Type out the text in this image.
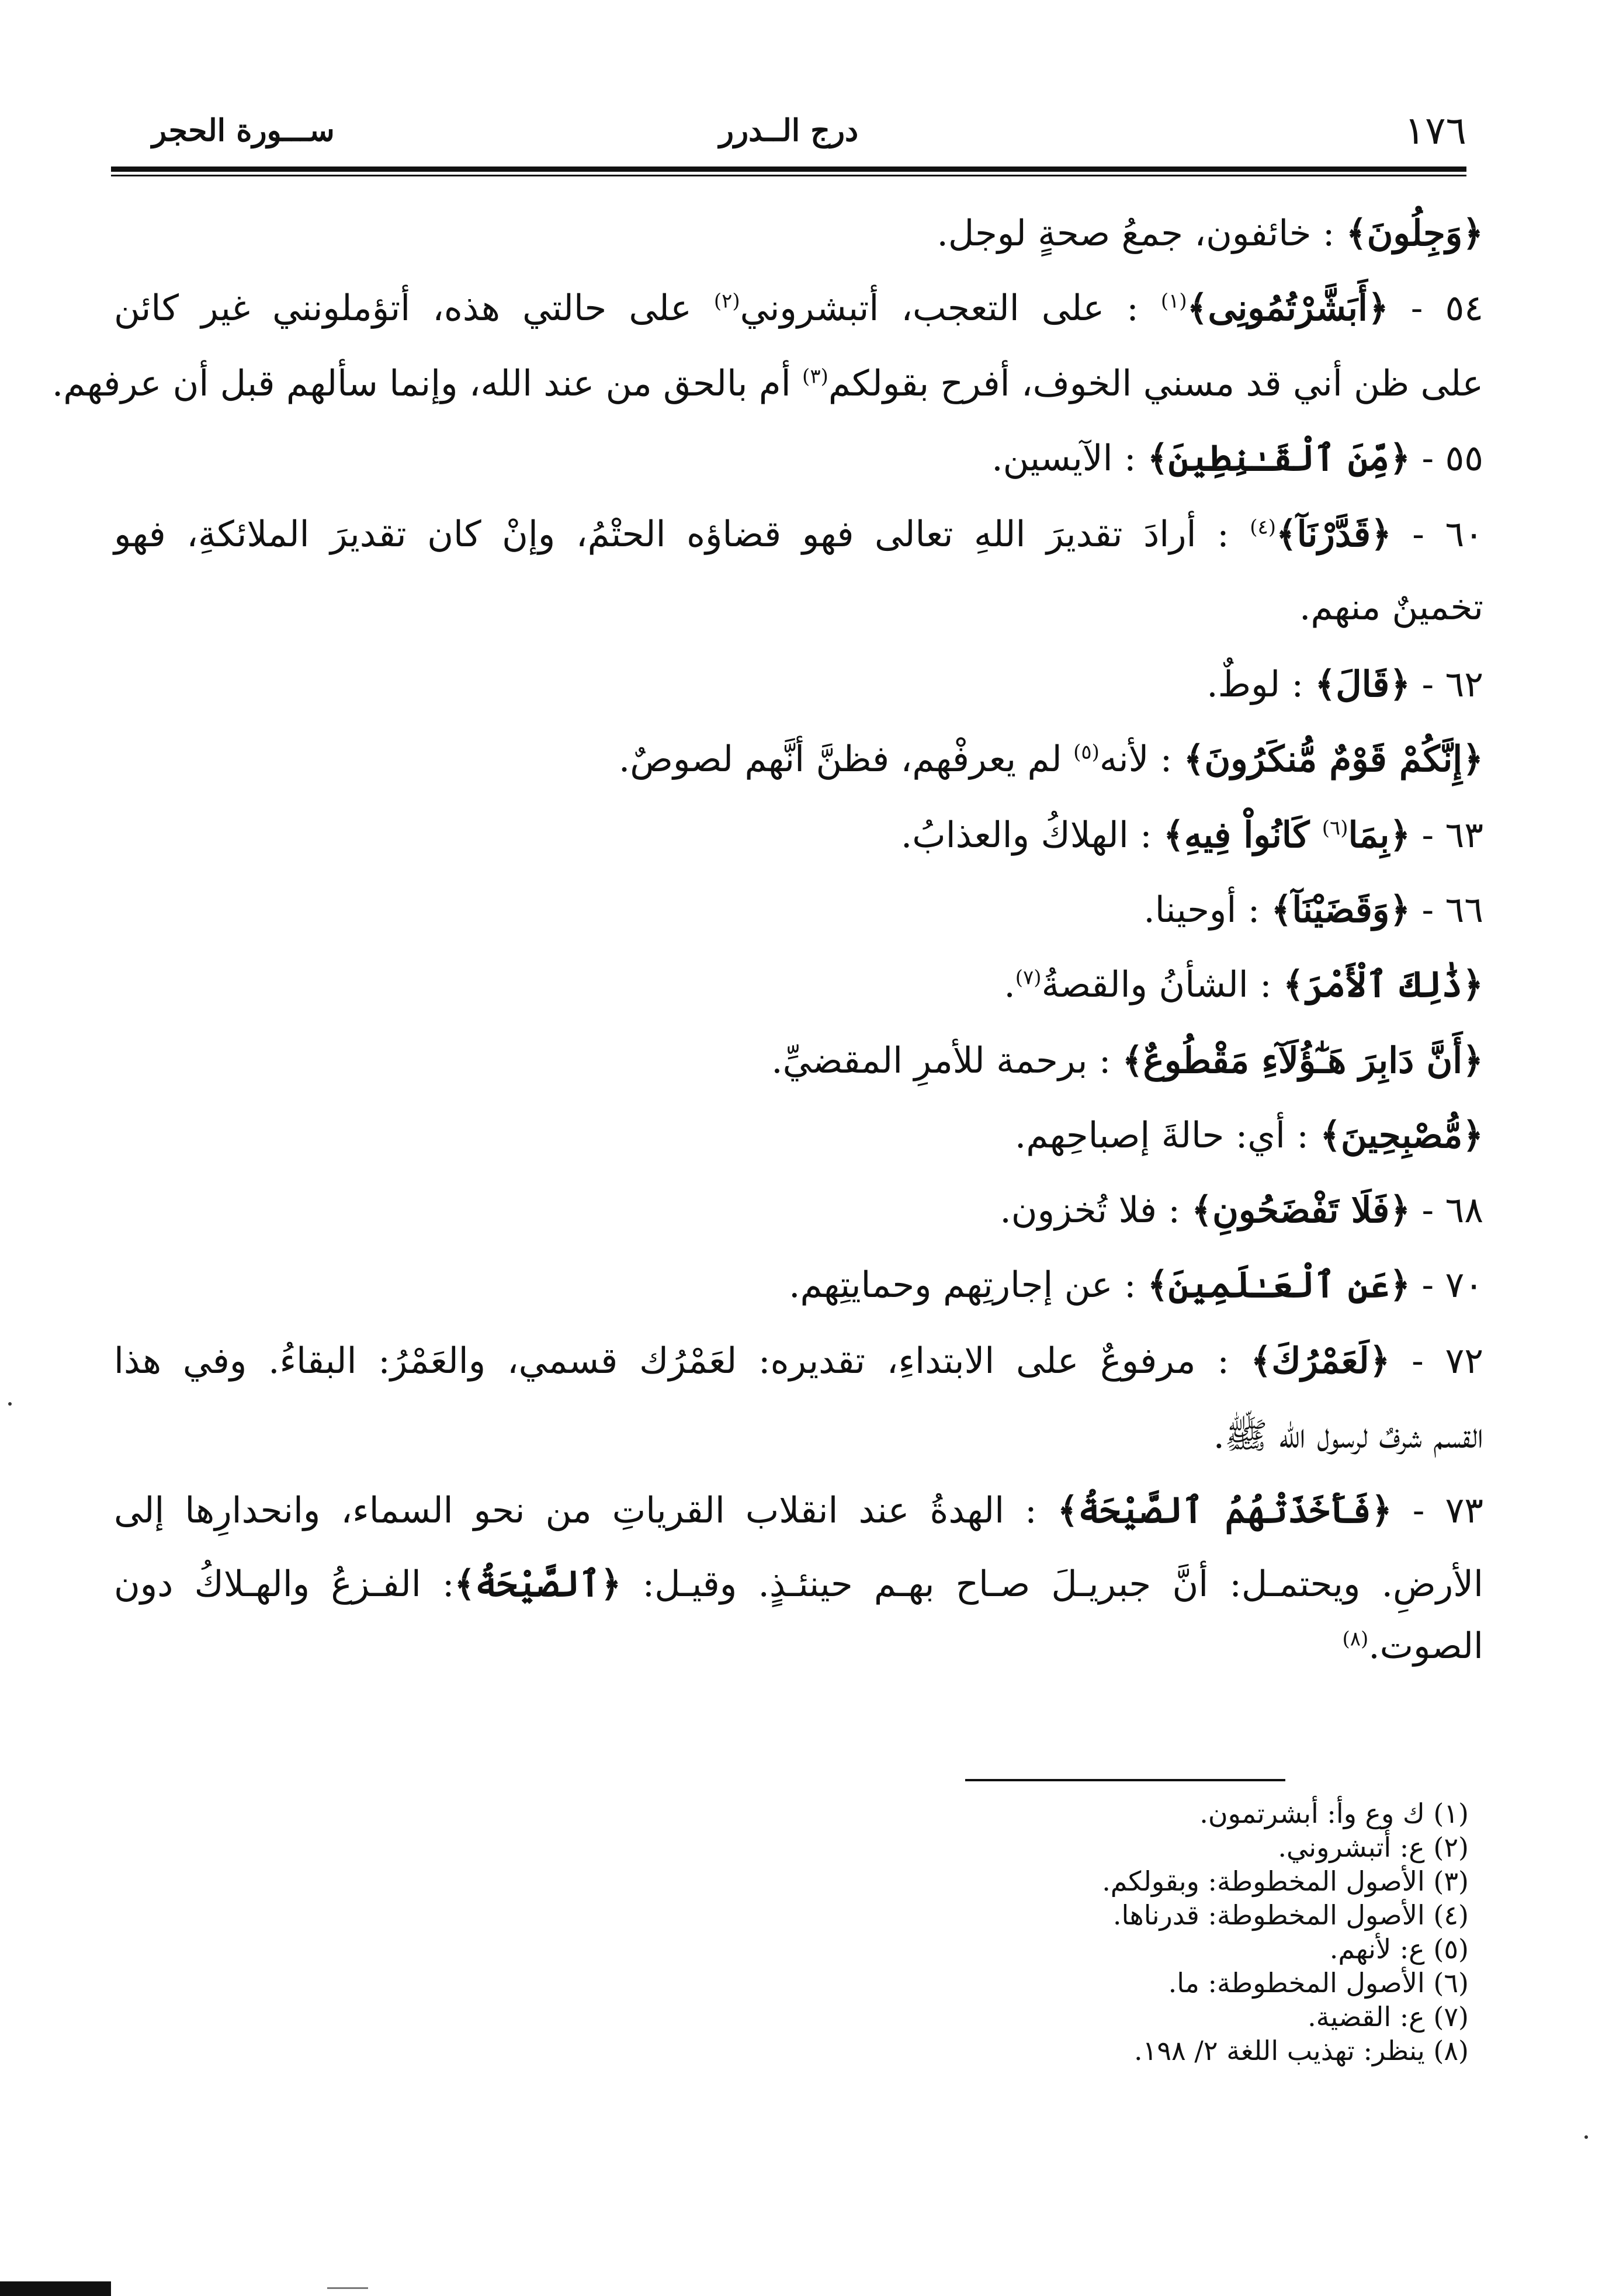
١٧٦
درج الــدرر
ســـورة الحجر
﴿وَجِلُونَ﴾ : خائفون، جمعُ صحةٍ لوجل.
٥٤ - ﴿أَبَشَّرْتُمُونِى﴾$^{(١)}$ : على التعجب، أتبشروني$^{(٢)}$ على حالتي هذه، أتؤملونني غير كائن
على ظن أني قد مسني الخوف، أفرح بقولكم$^{(٣)}$ أم بالحق من عند الله، وإنما سألهم قبل أن عرفهم.
٥٥ - ﴿مِّنَ ٱلْقَـٰنِطِينَ﴾ : الآيسين.
٦٠ - ﴿قَدَّرْنَآ﴾$^{(٤)}$ : أرادَ تقديرَ اللهِ تعالى فهو قضاؤه الحتْمُ، وإنْ كان تقديرَ الملائكةِ، فهو
تخمينٌ منهم.
٦٢ - ﴿قَالَ﴾ : لوطٌ.
﴿إِنَّكُمْ قَوْمٌ مُّنكَرُونَ﴾ : لأنه$^{(٥)}$ لم يعرفْهم، فظنَّ أنَّهم لصوصٌ.
٦٣ - ﴿بِمَا$^{(٦)}$ كَانُواْ فِيهِ﴾ : الهلاكُ والعذابُ.
٦٦ - ﴿وَقَضَيْنَآ﴾ : أوحينا.
﴿ذَٰلِكَ ٱلْأَمْرَ﴾ : الشأنُ والقصةُ$^{(٧)}$.
﴿أَنَّ دَابِرَ هَـٰٓؤُلَآءِ مَقْطُوعٌ﴾ : برحمة للأمرِ المقضيِّ.
﴿مُّصْبِحِينَ﴾ : أي: حالةَ إصباحِهم.
٦٨ - ﴿فَلَا تَفْضَحُونِ﴾ : فلا تُخزون.
٧٠ - ﴿عَنِ ٱلْعَـٰلَمِينَ﴾ : عن إجارتِهم وحمايتِهم.
٧٢ - ﴿لَعَمْرُكَ﴾ : مرفوعٌ على الابتداءِ، تقديره: لعَمْرُك قسمي، والعَمْرُ: البقاءُ. وفي هذا
القسم شرفٌ لرسول الله ﷺ.
٧٣ - ﴿فَأَخَذَتْهُمُ ٱلصَّيْحَةُ﴾ : الهدةُ عند انقلاب القرياتِ من نحو السماء، وانحدارِها إلى
الأرضِ. ويحتمـل: أنَّ جبريـلَ صـاح بهـم حينئـذٍ. وقيـل: ﴿ٱلصَّيْحَةُ﴾: الفـزعُ والهـلاكُ دون
الصوت.$^{(٨)}$
(١) ك وع وأ: أبشرتمون.
(٢) ع: أتبشروني.
(٣) الأصول المخطوطة: وبقولكم.
(٤) الأصول المخطوطة: قدرناها.
(٥) ع: لأنهم.
(٦) الأصول المخطوطة: ما.
(٧) ع: القضية.
(٨) ينظر: تهذيب اللغة ٢/ ١٩٨.
